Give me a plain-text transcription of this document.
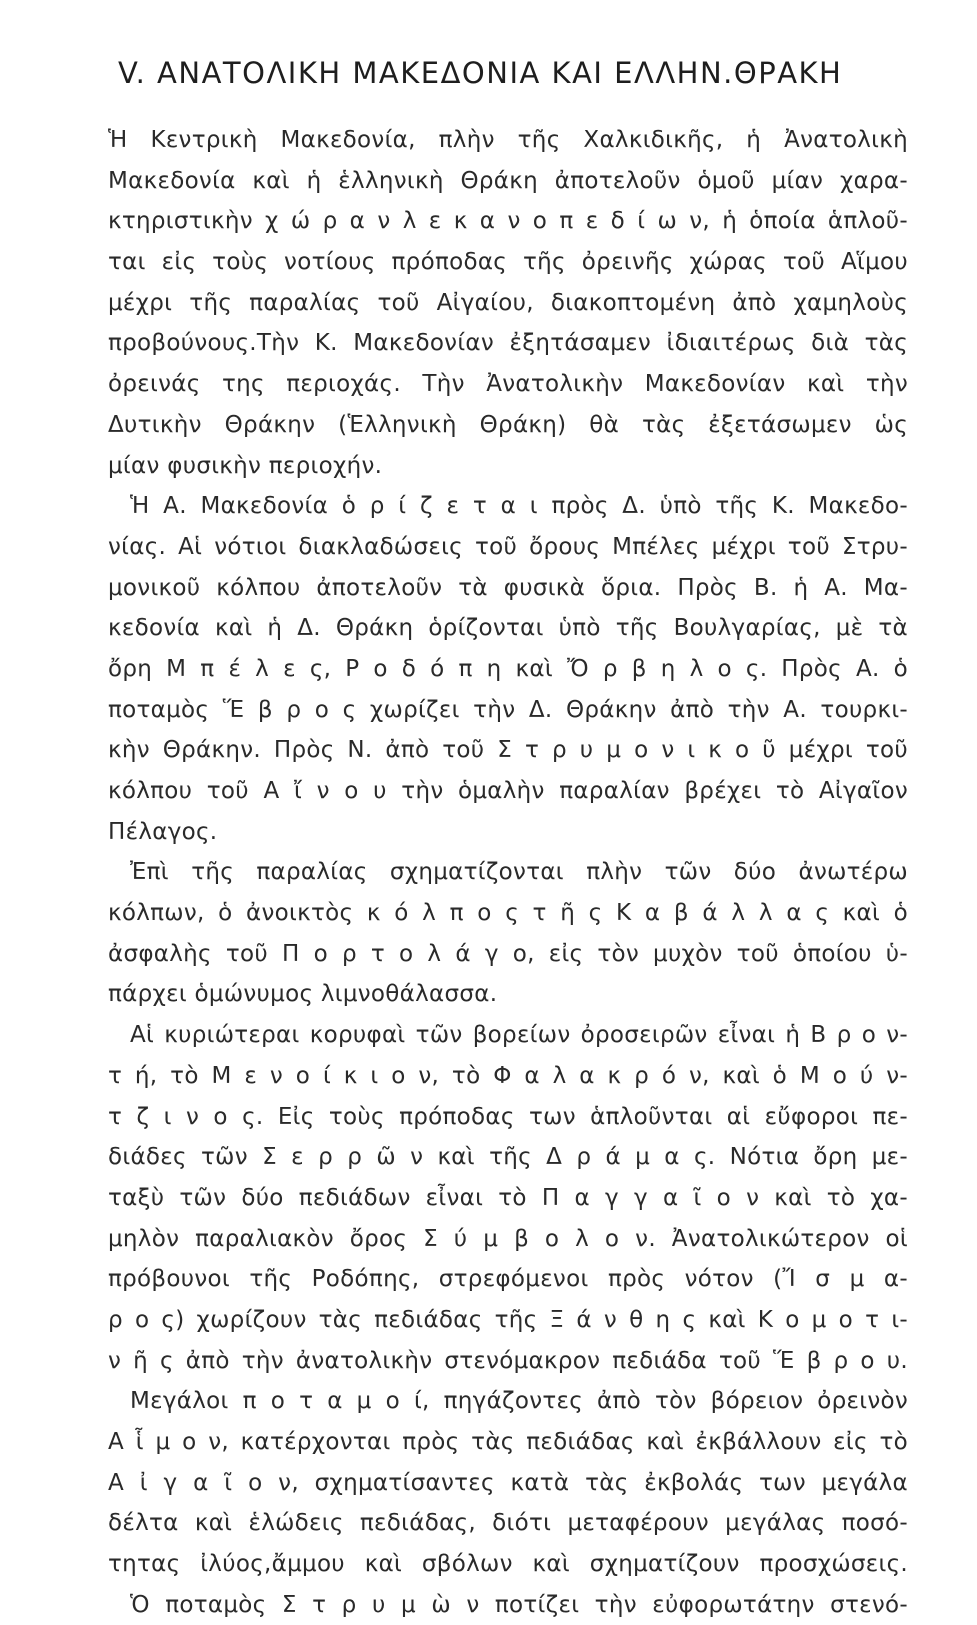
V. ΑΝΑΤΟΛΙΚΗ ΜΑΚΕΔΟΝΙΑ ΚΑΙ ΕΛΛΗΝ.ΘΡΑΚΗ
Ἡ Κεντρικὴ Μακεδονία, πλὴν τῆς Χαλκιδικῆς, ἡ Ἀνατολικὴ
Μακεδονία καὶ ἡ ἑλληνικὴ Θράκη ἀποτελοῦν ὁμοῦ μίαν χαρα-
κτηριστικὴν χ ώ ρ α ν λ ε κ α ν ο π ε δ ί ω ν, ἡ ὁποία ἁπλοῦ-
ται εἰς τοὺς νοτίους πρόποδας τῆς ὀρεινῆς χώρας τοῦ Αἵμου
μέχρι τῆς παραλίας τοῦ Αἰγαίου, διακοπτομένη ἀπὸ χαμηλοὺς
προβούνους.Τὴν Κ. Μακεδονίαν ἐξητάσαμεν ἰδιαιτέρως διὰ τὰς
ὀρεινάς της περιοχάς. Τὴν Ἀνατολικὴν Μακεδονίαν καὶ τὴν
Δυτικὴν Θράκην (Ἑλληνικὴ Θράκη) θὰ τὰς ἐξετάσωμεν ὡς
μίαν φυσικὴν περιοχήν.
Ἡ Α. Μακεδονία ὁ ρ ί ζ ε τ α ι πρὸς Δ. ὑπὸ τῆς Κ. Μακεδο-
νίας. Αἱ νότιοι διακλαδώσεις τοῦ ὄρους Μπέλες μέχρι τοῦ Στρυ-
μονικοῦ κόλπου ἀποτελοῦν τὰ φυσικὰ ὅρια. Πρὸς Β. ἡ Α. Μα-
κεδονία καὶ ἡ Δ. Θράκη ὁρίζονται ὑπὸ τῆς Βουλγαρίας, μὲ τὰ
ὄρη Μ π έ λ ε ς, Ρ ο δ ό π η καὶ Ὄ ρ β η λ ο ς. Πρὸς Α. ὁ
ποταμὸς Ἕ β ρ ο ς χωρίζει τὴν Δ. Θράκην ἀπὸ τὴν Α. τουρκι-
κὴν Θράκην. Πρὸς Ν. ἀπὸ τοῦ Σ τ ρ υ μ ο ν ι κ ο ῦ μέχρι τοῦ
κόλπου τοῦ Α ἴ ν ο υ τὴν ὁμαλὴν παραλίαν βρέχει τὸ Αἰγαῖον
Πέλαγος.
Ἐπὶ τῆς παραλίας σχηματίζονται πλὴν τῶν δύο ἀνωτέρω
κόλπων, ὁ ἀνοικτὸς κ ό λ π ο ς τ ῆ ς Κ α β ά λ λ α ς καὶ ὁ
ἀσφαλὴς τοῦ Π ο ρ τ ο λ ά γ ο, εἰς τὸν μυχὸν τοῦ ὁποίου ὑ-
πάρχει ὁμώνυμος λιμνοθάλασσα.
Αἱ κυριώτεραι κορυφαὶ τῶν βορείων ὀροσειρῶν εἶναι ἡ Β ρ ο ν-
τ ή, τὸ Μ ε ν ο ί κ ι ο ν, τὸ Φ α λ α κ ρ ό ν, καὶ ὁ Μ ο ύ ν-
τ ζ ι ν ο ς. Εἰς τοὺς πρόποδας των ἁπλοῦνται αἱ εὔφοροι πε-
διάδες τῶν Σ ε ρ ρ ῶ ν καὶ τῆς Δ ρ ά μ α ς. Νότια ὄρη με-
ταξὺ τῶν δύο πεδιάδων εἶναι τὸ Π α γ γ α ῖ ο ν καὶ τὸ χα-
μηλὸν παραλιακὸν ὄρος Σ ύ μ β ο λ ο ν. Ἀνατολικώτερον οἱ
πρόβουνοι τῆς Ροδόπης, στρεφόμενοι πρὸς νότον (Ἴ σ μ α-
ρ ο ς) χωρίζουν τὰς πεδιάδας τῆς Ξ ά ν θ η ς καὶ Κ ο μ ο τ ι-
ν ῆ ς ἀπὸ τὴν ἀνατολικὴν στενόμακρον πεδιάδα τοῦ Ἕ β ρ ο υ.
Μεγάλοι π ο τ α μ ο ί, πηγάζοντες ἀπὸ τὸν βόρειον ὀρεινὸν
Α ἷ μ ο ν, κατέρχονται πρὸς τὰς πεδιάδας καὶ ἐκβάλλουν εἰς τὸ
Α ἰ γ α ῖ ο ν, σχηματίσαντες κατὰ τὰς ἐκβολάς των μεγάλα
δέλτα καὶ ἑλώδεις πεδιάδας, διότι μεταφέρουν μεγάλας ποσό-
τητας ἰλύος,ἄμμου καὶ σβόλων καὶ σχηματίζουν προσχώσεις.
Ὁ ποταμὸς Σ τ ρ υ μ ὼ ν ποτίζει τὴν εὐφορωτάτην στενό-
